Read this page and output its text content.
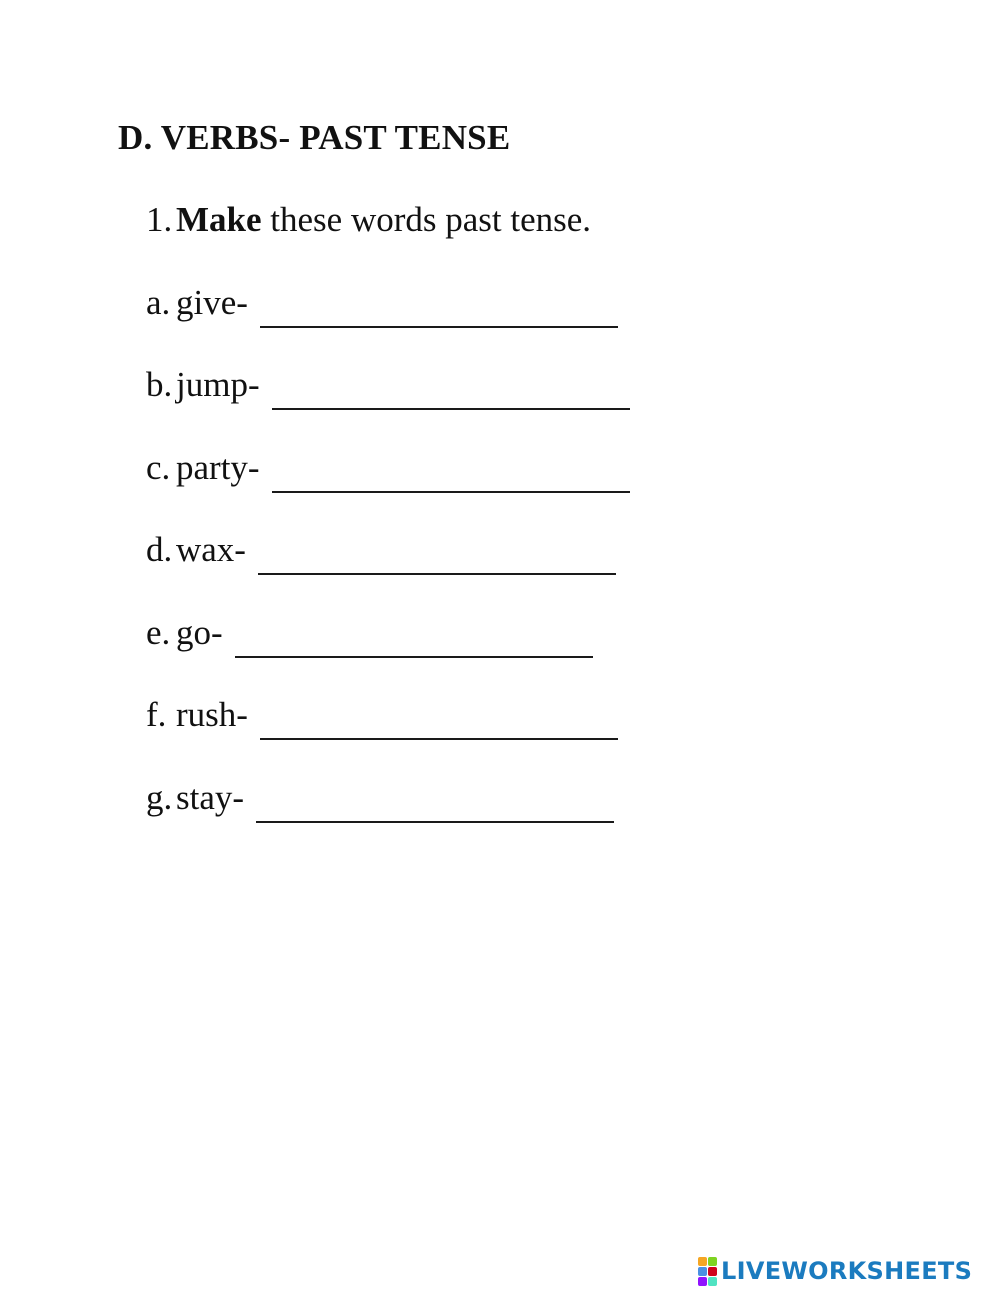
D. VERBS- PAST TENSE
1. Make these words past tense.
a. give-
b. jump-
c. party-
d. wax-
e. go-
f. rush-
g. stay-
LIVEWORKSHEETS
